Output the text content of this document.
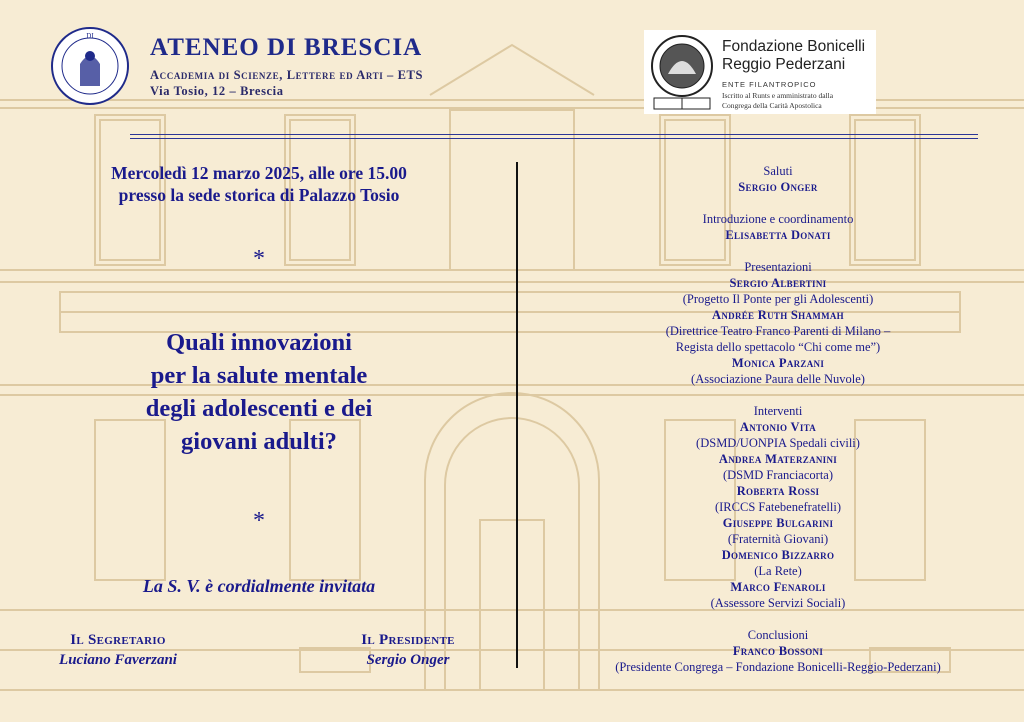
DI ATENEO DI BRESCIA
Accademia di Scienze, Lettere ed Arti – ETS
Via Tosio, 12 – Brescia
Fondazione Bonicelli
Reggio Pederzani
ENTE FILANTROPICO
Iscritto al Runts e amministrato dalla
Congrega della Carità Apostolica
Mercoledì 12 marzo 2025, alle ore 15.00
presso la sede storica di Palazzo Tosio
*
Quali innovazioni
per la salute mentale
degli adolescenti e dei
giovani adulti?
*
La S. V. è cordialmente invitata
Il Segretario
Luciano Faverzani
Il Presidente
Sergio Onger
Saluti
Sergio Onger
Introduzione e coordinamento
Elisabetta Donati
Presentazioni
Sergio Albertini
(Progetto Il Ponte per gli Adolescenti)
Andrée Ruth Shammah
(Direttrice Teatro Franco Parenti di Milano –
Regista dello spettacolo “Chi come me”)
Monica Parzani
(Associazione Paura delle Nuvole)
Interventi
Antonio Vita
(DSMD/UONPIA Spedali civili)
Andrea Materzanini
(DSMD Franciacorta)
Roberta Rossi
(IRCCS Fatebenefratelli)
Giuseppe Bulgarini
(Fraternità Giovani)
Domenico Bizzarro
(La Rete)
Marco Fenaroli
(Assessore Servizi Sociali)
Conclusioni
Franco Bossoni
(Presidente Congrega – Fondazione Bonicelli-Reggio-Pederzani)
